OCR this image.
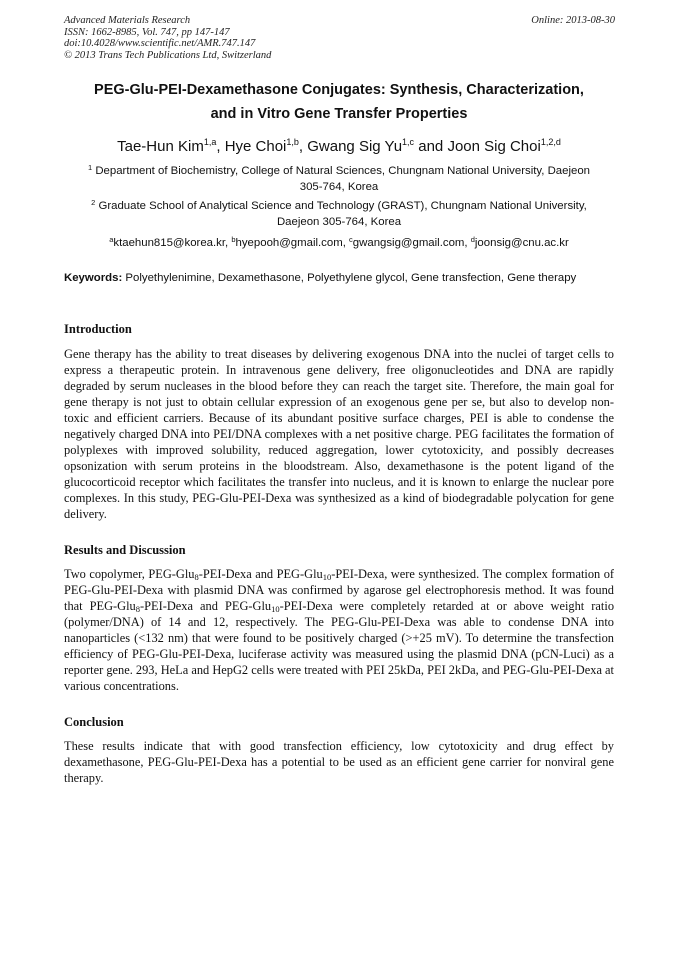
Advanced Materials Research
ISSN: 1662-8985, Vol. 747, pp 147-147
doi:10.4028/www.scientific.net/AMR.747.147
© 2013 Trans Tech Publications Ltd, Switzerland
Online: 2013-08-30
PEG-Glu-PEI-Dexamethasone Conjugates: Synthesis, Characterization,
and in Vitro Gene Transfer Properties
Tae-Hun Kim$^{1,a}$, Hye Choi$^{1,b}$, Gwang Sig Yu$^{1,c}$ and Joon Sig Choi$^{1,2,d}$
$^1$ Department of Biochemistry, College of Natural Sciences, Chungnam National University, Daejeon
305-764, Korea
$^2$ Graduate School of Analytical Science and Technology (GRAST), Chungnam National University,
Daejeon 305-764, Korea
$^a$ktaehun815@korea.kr, $^b$hyepooh@gmail.com, $^c$gwangsig@gmail.com, $^d$joonsig@cnu.ac.kr
Keywords: Polyethylenimine, Dexamethasone, Polyethylene glycol, Gene transfection, Gene therapy
Introduction

Gene therapy has the ability to treat diseases by delivering exogenous DNA into the nuclei of target cells to express a therapeutic protein. In intravenous gene delivery, free oligonucleotides and DNA are rapidly degraded by serum nucleases in the blood before they can reach the target site. Therefore, the main goal for gene therapy is not just to obtain cellular expression of an exogenous gene per se, but also to develop non-toxic and efficient carriers. Because of its abundant positive surface charges, PEI is able to condense the negatively charged DNA into PEI/DNA complexes with a net positive charge. PEG facilitates the formation of polyplexes with improved solubility, reduced aggregation, lower cytotoxicity, and possibly decreases opsonization with serum proteins in the bloodstream. Also, dexamethasone is the potent ligand of the glucocorticoid receptor which facilitates the transfer into nucleus, and it is known to enlarge the nuclear pore complexes. In this study, PEG-Glu-PEI-Dexa was synthesized as a kind of biodegradable polycation for gene delivery.

Results and Discussion

Two copolymer, PEG-Glu$_8$-PEI-Dexa and PEG-Glu$_{10}$-PEI-Dexa, were synthesized. The complex formation of PEG-Glu-PEI-Dexa with plasmid DNA was confirmed by agarose gel electrophoresis method. It was found that PEG-Glu$_8$-PEI-Dexa and PEG-Glu$_{10}$-PEI-Dexa were completely retarded at or above weight ratio (polymer/DNA) of 14 and 12, respectively. The PEG-Glu-PEI-Dexa was able to condense DNA into nanoparticles (<132 nm) that were found to be positively charged (>+25 mV). To determine the transfection efficiency of PEG-Glu-PEI-Dexa, luciferase activity was measured using the plasmid DNA (pCN-Luci) as a reporter gene. 293, HeLa and HepG2 cells were treated with PEI 25kDa, PEI 2kDa, and PEG-Glu-PEI-Dexa at various concentrations.

Conclusion

These results indicate that with good transfection efficiency, low cytotoxicity and drug effect by dexamethasone, PEG-Glu-PEI-Dexa has a potential to be used as an efficient gene carrier for nonviral gene therapy.
